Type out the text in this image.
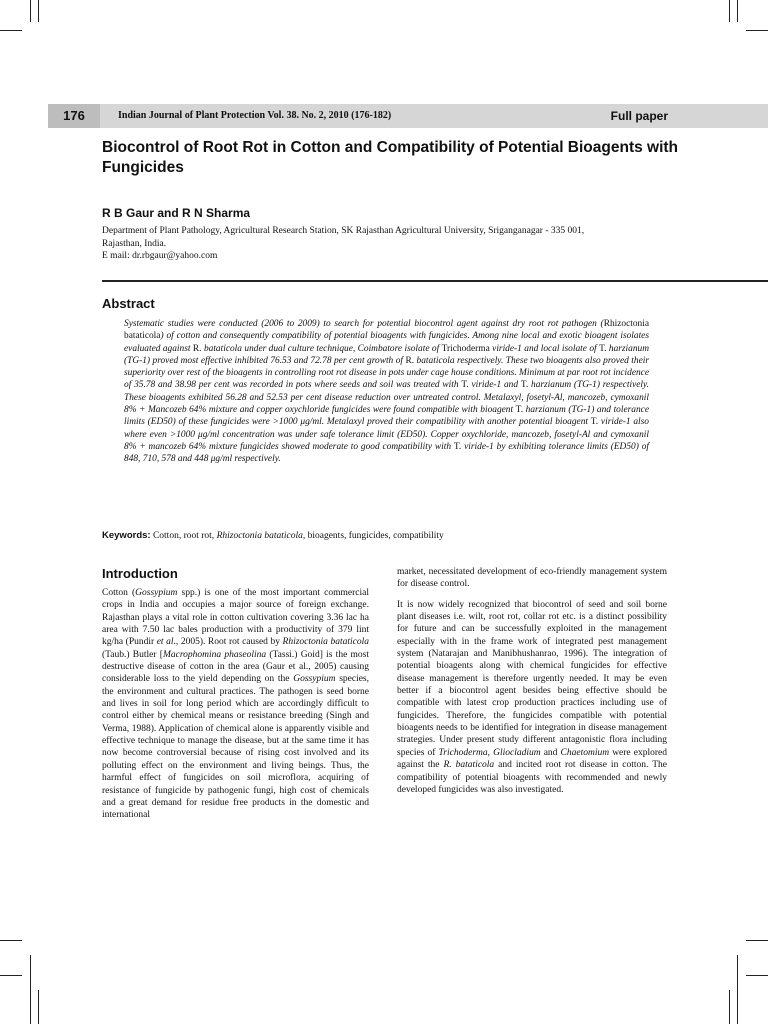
176	Indian Journal of Plant Protection Vol. 38. No. 2, 2010 (176-182)	Full paper
Biocontrol of Root Rot in Cotton and Compatibility of Potential Bioagents with Fungicides
R B Gaur and R N Sharma
Department of Plant Pathology, Agricultural Research Station, SK Rajasthan Agricultural University, Sriganganagar - 335 001,
Rajasthan, India.
E mail: dr.rbgaur@yahoo.com
Abstract
Systematic studies were conducted (2006 to 2009) to search for potential biocontrol agent against dry root rot pathogen (Rhizoctonia bataticola) of cotton and consequently compatibility of potential bioagents with fungicides. Among nine local and exotic bioagent isolates evaluated against R. bataticola under dual culture technique, Coimbatore isolate of Trichoderma viride-1 and local isolate of T. harzianum (TG-1) proved most effective inhibited 76.53 and 72.78 per cent growth of R. bataticola respectively. These two bioagents also proved their superiority over rest of the bioagents in controlling root rot disease in pots under cage house conditions. Minimum at par root rot incidence of 35.78 and 38.98 per cent was recorded in pots where seeds and soil was treated with T. viride-1 and T. harzianum (TG-1) respectively. These bioagents exhibited 56.28 and 52.53 per cent disease reduction over untreated control. Metalaxyl, fosetyl-Al, mancozeb, cymoxanil 8% + Mancozeb 64% mixture and copper oxychloride fungicides were found compatible with bioagent T. harzianum (TG-1) and tolerance limits (ED50) of these fungicides were >1000 μg/ml. Metalaxyl proved their compatibility with another potential bioagent T. viride-1 also where even >1000 μg/ml concentration was under safe tolerance limit (ED50). Copper oxychloride, mancozeb, fosetyl-Al and cymoxanil 8% + mancozeb 64% mixture fungicides showed moderate to good compatibility with T. viride-1 by exhibiting tolerance limits (ED50) of 848, 710, 578 and 448 μg/ml respectively.
Keywords: Cotton, root rot, Rhizoctonia bataticola, bioagents, fungicides, compatibility
Introduction

Cotton (Gossypium spp.) is one of the most important commercial crops in India and occupies a major source of foreign exchange. Rajasthan plays a vital role in cotton cultivation covering 3.36 lac ha area with 7.50 lac bales production with a productivity of 379 lint kg/ha (Pundir et al., 2005). Root rot caused by Rhizoctonia bataticola (Taub.) Butler [Macrophomina phaseolina (Tassi.) Goid] is the most destructive disease of cotton in the area (Gaur et al., 2005) causing considerable loss to the yield depending on the Gossypium species, the environment and cultural practices. The pathogen is seed borne and lives in soil for long period which are accordingly difficult to control either by chemical means or resistance breeding (Singh and Verma, 1988). Application of chemical alone is apparently visible and effective technique to manage the disease, but at the same time it has now become controversial because of rising cost involved and its polluting effect on the environment and living beings. Thus, the harmful effect of fungicides on soil microflora, acquiring of resistance of fungicide by pathogenic fungi, high cost of chemicals and a great demand for residue free products in the domestic and international

market, necessitated development of eco-friendly management system for disease control.

It is now widely recognized that biocontrol of seed and soil borne plant diseases i.e. wilt, root rot, collar rot etc. is a distinct possibility for future and can be successfully exploited in the management especially with in the frame work of integrated pest management system (Natarajan and Manibhushanrao, 1996). The integration of potential bioagents along with chemical fungicides for effective disease management is therefore urgently needed. It may be even better if a biocontrol agent besides being effective should be compatible with latest crop production practices including use of fungicides. Therefore, the fungicides compatible with potential bioagents needs to be identified for integration in disease management strategies. Under present study different antagonistic flora including species of Trichoderma, Gliocladium and Chaetomium were explored against the R. bataticola and incited root rot disease in cotton. The compatibility of potential bioagents with recommended and newly developed fungicides was also investigated.
